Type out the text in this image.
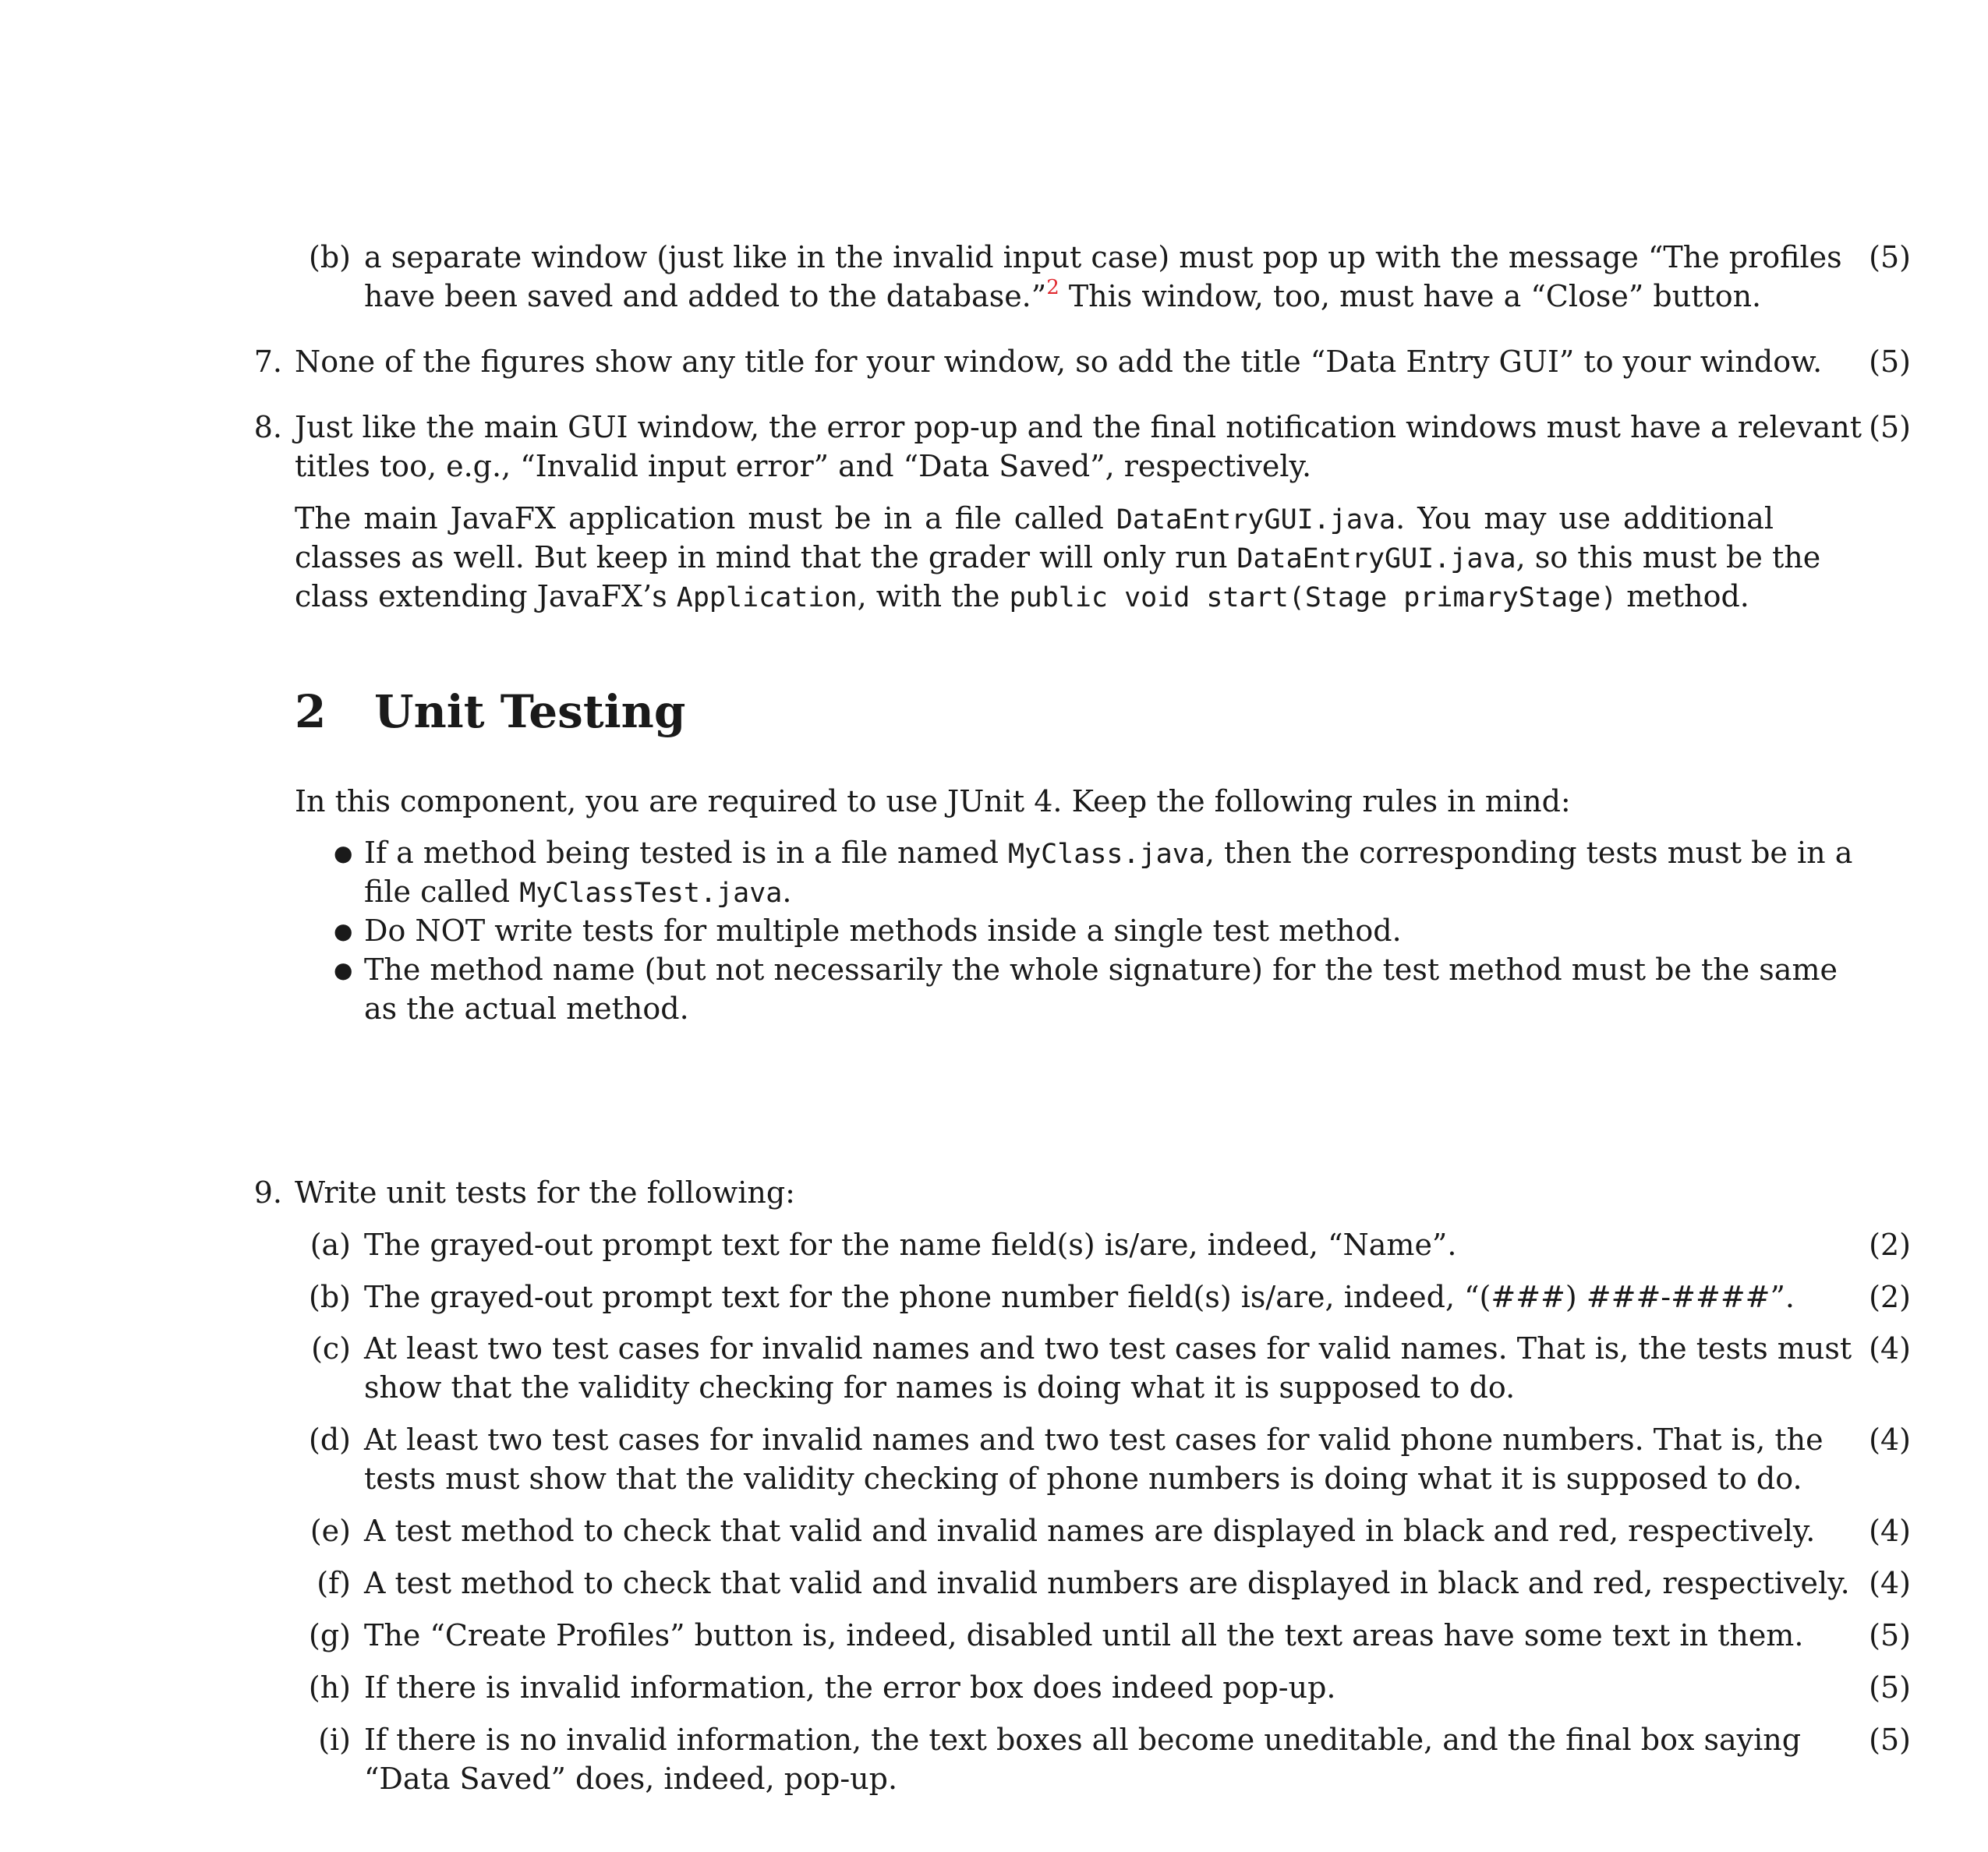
(b) a separate window (just like in the invalid input case) must pop up with the message “The profiles
have been saved and added to the database.”$^2$ This window, too, must have a “Close” button.
(5)
7. None of the figures show any title for your window, so add the title “Data Entry GUI” to your window.	(5)
8. Just like the main GUI window, the error pop-up and the final notification windows must have a relevant
titles too, e.g., “Invalid input error” and “Data Saved”, respectively.
(5)
The main JavaFX application must be in a file called DataEntryGUI.java. You may use additional
classes as well. But keep in mind that the grader will only run DataEntryGUI.java, so this must be the
class extending JavaFX’s Application, with the public void start(Stage primaryStage) method.
2 Unit Testing
In this component, you are required to use JUnit 4. Keep the following rules in mind:
● If a method being tested is in a file named MyClass.java, then the corresponding tests must be in a
file called MyClassTest.java.
● Do NOT write tests for multiple methods inside a single test method.
● The method name (but not necessarily the whole signature) for the test method must be the same
as the actual method.
9. Write unit tests for the following:
(a) The grayed-out prompt text for the name field(s) is/are, indeed, “Name”.	(2)
(b) The grayed-out prompt text for the phone number field(s) is/are, indeed, “(###) ###-####”.	(2)
(c) At least two test cases for invalid names and two test cases for valid names. That is, the tests must
show that the validity checking for names is doing what it is supposed to do.
(4)
(d) At least two test cases for invalid names and two test cases for valid phone numbers. That is, the
tests must show that the validity checking of phone numbers is doing what it is supposed to do.
(4)
(e) A test method to check that valid and invalid names are displayed in black and red, respectively.	(4)
(f) A test method to check that valid and invalid numbers are displayed in black and red, respectively. (4)
(g) The “Create Profiles” button is, indeed, disabled until all the text areas have some text in them.	(5)
(h) If there is invalid information, the error box does indeed pop-up.	(5)
(i) If there is no invalid information, the text boxes all become uneditable, and the final box saying
“Data Saved” does, indeed, pop-up.
(5)
